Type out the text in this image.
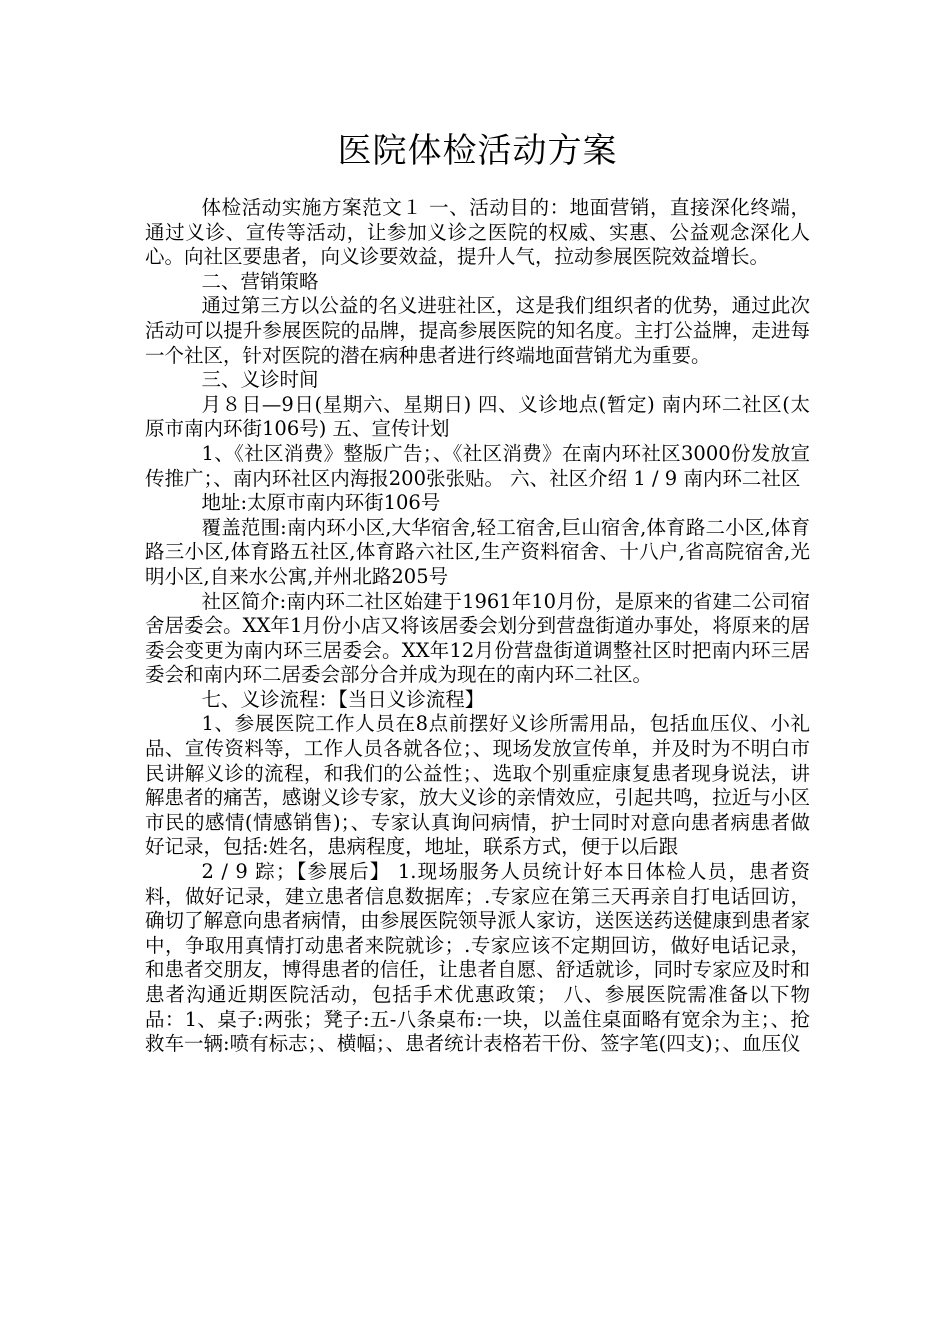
医院体检活动方案

体检活动实施方案范文１ 一、活动目的：地面营销，直接深化终端，通过义诊、宣传等活动，让参加义诊之医院的权威、实惠、公益观念深化人心。向社区要患者，向义诊要效益，提升人气，拉动参展医院效益增长。

二、营销策略

通过第三方以公益的名义进驻社区，这是我们组织者的优势，通过此次活动可以提升参展医院的品牌，提高参展医院的知名度。主打公益牌，走进每一个社区，针对医院的潜在病种患者进行终端地面营销尤为重要。

三、义诊时间

月８日—9日(星期六、星期日) 四、义诊地点(暂定) 南内环二社区(太原市南内环街106号) 五、宣传计划

1、《社区消费》整版广告；、《社区消费》在南内环社区3000份发放宣传推广；、南内环社区内海报200张张贴。 六、社区介绍 1 / 9 南内环二社区

地址:太原市南内环街106号

覆盖范围:南内环小区,大华宿舍,轻工宿舍,巨山宿舍,体育路二小区,体育路三小区,体育路五社区,体育路六社区,生产资料宿舍、十八户,省高院宿舍,光明小区,自来水公寓,并州北路205号

社区简介:南内环二社区始建于1961年10月份，是原来的省建二公司宿舍居委会。XX年1月份小店又将该居委会划分到营盘街道办事处，将原来的居委会变更为南内环三居委会。XX年12月份营盘街道调整社区时把南内环三居委会和南内环二居委会部分合并成为现在的南内环二社区。

七、义诊流程：【当日义诊流程】

1、参展医院工作人员在8点前摆好义诊所需用品，包括血压仪、小礼品、宣传资料等，工作人员各就各位；、现场发放宣传单，并及时为不明白市民讲解义诊的流程，和我们的公益性；、选取个别重症康复患者现身说法，讲解患者的痛苦，感谢义诊专家，放大义诊的亲情效应，引起共鸣，拉近与小区市民的感情(情感销售)；、专家认真询问病情，护士同时对意向患者病患者做好记录，包括:姓名，患病程度，地址，联系方式，便于以后跟

2 / 9 踪；【参展后】 1.现场服务人员统计好本日体检人员，患者资料，做好记录，建立患者信息数据库；.专家应在第三天再亲自打电话回访，确切了解意向患者病情，由参展医院领导派人家访，送医送药送健康到患者家中，争取用真情打动患者来院就诊；.专家应该不定期回访，做好电话记录，和患者交朋友，博得患者的信任，让患者自愿、舒适就诊，同时专家应及时和患者沟通近期医院活动，包括手术优惠政策； 八、参展医院需准备以下物品：1、桌子:两张；凳子:五-八条桌布:一块，以盖住桌面略有宽余为主；、抢救车一辆:喷有标志；、横幅；、患者统计表格若干份、签字笔(四支)；、血压仪
